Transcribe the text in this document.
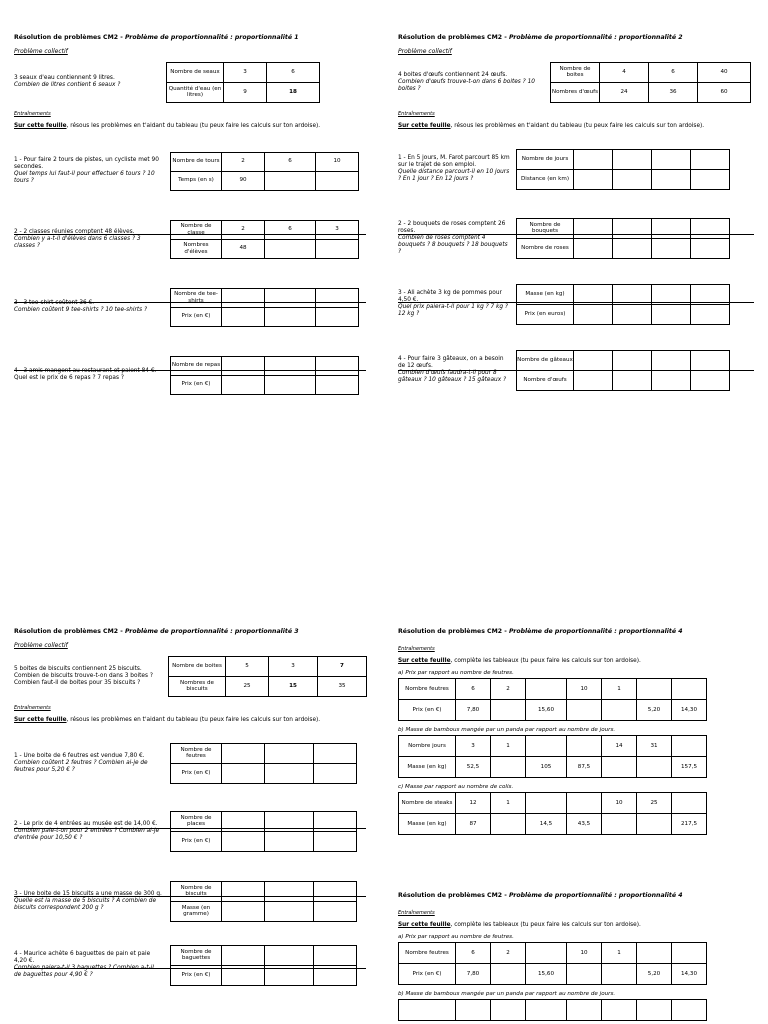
Résolution de problèmes CM2 - Problème de proportionnalité : proportionnalité 1
Problème collectif
3 seaux d'eau contiennent 9 litres.
Combien de litres contient 6 seaux ?
Nombre de seaux	3	6
Quantité d'eau (en litres)	9	18
Entraînements
Sur cette feuille, résous les problèmes en t'aidant du tableau (tu peux faire les calculs sur ton ardoise).
1 - Pour faire 2 tours de pistes, un cycliste met 90 secondes.
Quel temps lui faut-il pour effectuer 6 tours ? 10 tours ?
Nombre de tours	2	6	10
Temps (en s)	90		
2 - 2 classes réunies comptent 48 élèves.
Combien y a-t-il d'élèves dans 6 classes ? 3 classes ?
Nombre de classe	2	6	3
Nombres d'élèves	48		
3 - 3 tee-shirt coûtent 36 €.
Combien coûtent 9 tee-shirts ? 10 tee-shirts ?
Nombre de tee-shirts			
Prix (en €)			
4 - 3 amis mangent au restaurant et paient 84 €. Quel est le prix de 6 repas ? 7 repas ?
Nombre de repas			
Prix (en €)			
Résolution de problèmes CM2 - Problème de proportionnalité : proportionnalité 2
Problème collectif
4 boites d'œufs contiennent 24 œufs.
Combien d'œufs trouve-t-on dans 6 boites ? 10 boites ?
Nombre de boites	4	6	40
Nombres d'œufs	24	36	60
Entraînements
Sur cette feuille, résous les problèmes en t'aidant du tableau (tu peux faire les calculs sur ton ardoise).
1 - En 5 jours, M. Farot parcourt 85 km sur le trajet de son emploi.
Quelle distance parcourt-il en 10 jours ? En 1 jour ? En 12 jours ?
Nombre de jours				
Distance (en km)				
2 - 2 bouquets de roses comptent 26 roses.
Combien de roses comptent 4 bouquets ? 8 bouquets ? 18 bouquets ?
Nombre de bouquets				
Nombre de roses				
3 - Ali achète 3 kg de pommes pour 4,50 €.
Quel prix paiera-t-il pour 1 kg ? 7 kg ? 12 kg ?
Masse (en kg)				
Prix (en euros)				
4 - Pour faire 3 gâteaux, on a besoin de 12 œufs.
Combien d'œufs faudra-t-il pour 8 gâteaux ? 10 gâteaux ? 15 gâteaux ?
Nombre de gâteaux				
Nombre d'œufs				
Résolution de problèmes CM2 - Problème de proportionnalité : proportionnalité 3
Problème collectif
5 boites de biscuits contiennent 25 biscuits.
Combien de biscuits trouve-t-on dans 3 boites ?
Combien faut-il de boites pour 35 biscuits ?
Nombre de boites	5	3	7
Nombres de biscuits	25	15	35
Entraînements
Sur cette feuille, résous les problèmes en t'aidant du tableau (tu peux faire les calculs sur ton ardoise).
1 - Une boite de 6 feutres est vendue 7,80 €.
Combien coûtent 2 feutres ? Combien ai-je de feutres pour 5,20 € ?
Nombre de feutres			
Prix (en €)			
2 - Le prix de 4 entrées au musée est de 14,00 €.
Combien paie-t-on pour 2 entrées ? Combien ai-je d'entrée pour 10,50 € ?
Nombre de places			
Prix (en €)			
3 - Une boite de 15 biscuits a une masse de 300 g.
Quelle est la masse de 5 biscuits ? A combien de biscuits correspondent 200 g ?
Nombre de biscuits			
Masse (en gramme)			
4 - Maurice achète 6 baguettes de pain et paie 4,20 €.
Combien paiera-t-il 3 baguettes ? Combien a-t-il de baguettes pour 4,90 € ?
Nombre de baguettes			
Prix (en €)			
Résolution de problèmes CM2 - Problème de proportionnalité : proportionnalité 4
Entraînements
Sur cette feuille, complète les tableaux (tu peux faire les calculs sur ton ardoise).
a) Prix par rapport au nombre de feutres.
Nombre feutres	6	2		10	1		
Prix (en €)	7,80		15,60			5,20	14,30
b) Masse de bambous mangée par un panda par rapport au nombre de jours.
Nombre jours	3	1			14	31	
Masse (en kg)	52,5		105	87,5			157,5
c) Masse par rapport au nombre de colis.
Nombre de steaks	12	1			10	25	
Masse (en kg)	87		14,5	43,5			217,5
Résolution de problèmes CM2 - Problème de proportionnalité : proportionnalité 4
Entraînements
Sur cette feuille, complète les tableaux (tu peux faire les calculs sur ton ardoise).
a) Prix par rapport au nombre de feutres.
Nombre feutres	6	2		10	1		
Prix (en €)	7,80		15,60			5,20	14,30
b) Masse de bambous mangée par un panda par rapport au nombre de jours.
